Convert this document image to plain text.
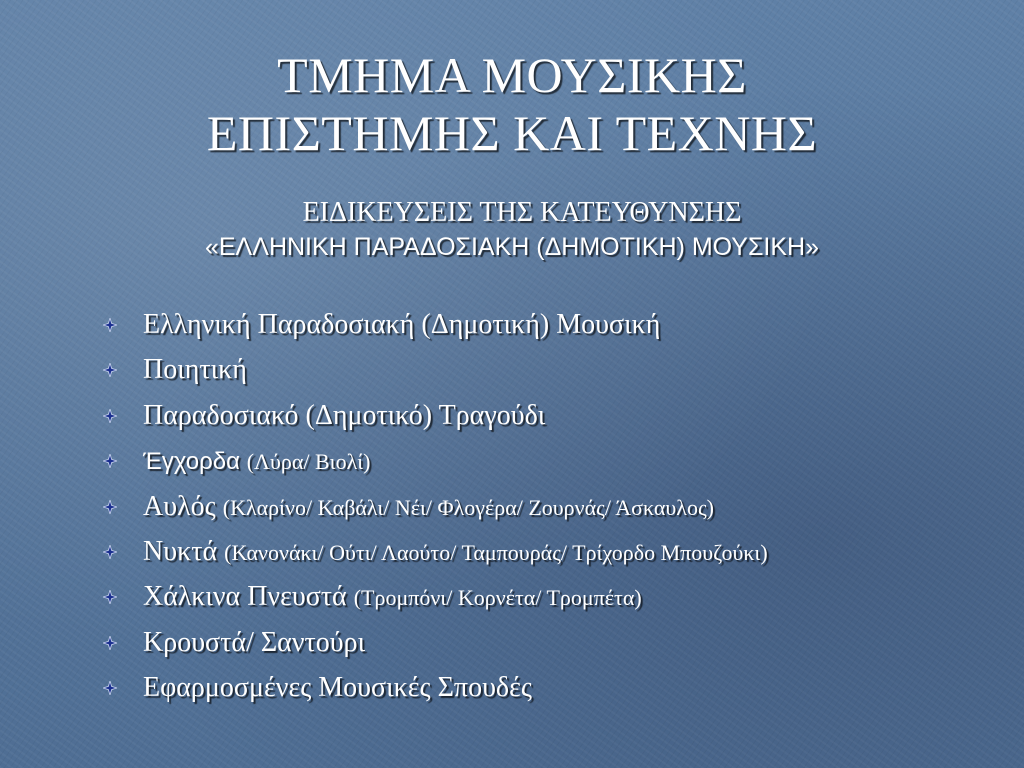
ΤΜΗΜΑ ΜΟΥΣΙΚΗΣ
ΕΠΙΣΤΗΜΗΣ ΚΑΙ ΤΕΧΝΗΣ
ΕΙΔΙΚΕΥΣΕΙΣ ΤΗΣ ΚΑΤΕΥΘΥΝΣΗΣ
«ΕΛΛΗΝΙΚΗ ΠΑΡΑΔΟΣΙΑΚΗ (ΔΗΜΟΤΙΚΗ) ΜΟΥΣΙΚΗ»
Ελληνική Παραδοσιακή (Δημοτική) Μουσική
Ποιητική
Παραδοσιακό (Δημοτικό) Τραγούδι
Έγχορδα (Λύρα/ Βιολί)
Αυλός (Κλαρίνο/ Καβάλι/ Νέι/ Φλογέρα/ Ζουρνάς/ Άσκαυλος)
Νυκτά (Κανονάκι/ Ούτι/ Λαούτο/ Ταμπουράς/ Τρίχορδο Μπουζούκι)
Χάλκινα Πνευστά (Τρομπόνι/ Κορνέτα/ Τρομπέτα)
Κρουστά/ Σαντούρι
Εφαρμοσμένες Μουσικές Σπουδές
